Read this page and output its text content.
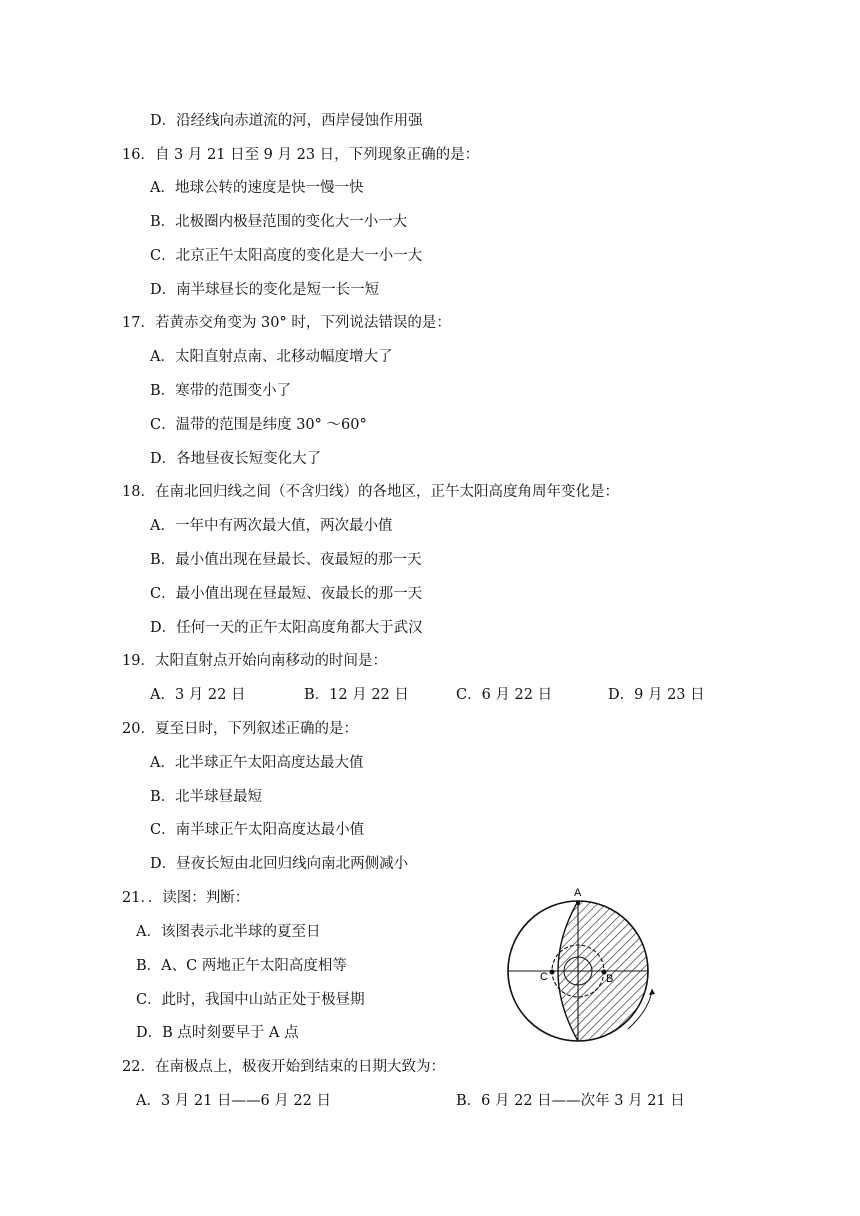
D．沿经线向赤道流的河，西岸侵蚀作用强
16．自 3 月 21 日至 9 月 23 日，下列现象正确的是：
A．地球公转的速度是快一慢一快
B．北极圈内极昼范围的变化大一小一大
C．北京正午太阳高度的变化是大一小一大
D．南半球昼长的变化是短一长一短
17．若黄赤交角变为 30° 时，下列说法错误的是：
A．太阳直射点南、北移动幅度增大了
B．寒带的范围变小了
C．温带的范围是纬度 30° ～60°
D．各地昼夜长短变化大了
18．在南北回归线之间（不含归线）的各地区，正午太阳高度角周年变化是：
A．一年中有两次最大值，两次最小值
B．最小值出现在昼最长、夜最短的那一天
C．最小值出现在昼最短、夜最长的那一天
D．任何一天的正午太阳高度角都大于武汉
19．太阳直射点开始向南移动的时间是：
A．3 月 22 日	B．12 月 22 日	C．6 月 22 日	D．9 月 23 日
20．夏至日时，下列叙述正确的是：
A．北半球正午太阳高度达最大值
B．北半球昼最短
C．南半球正午太阳高度达最小值
D．昼夜长短由北回归线向南北两侧减小
21．．读图：判断：
A．该图表示北半球的夏至日
B．A、C 两地正午太阳高度相等
C．此时，我国中山站正处于极昼期
D．B 点时刻要早于 A 点
22．在南极点上，极夜开始到结束的日期大致为：
A．3 月 21 日——6 月 22 日	B．6 月 22 日——次年 3 月 21 日
A
B
C
